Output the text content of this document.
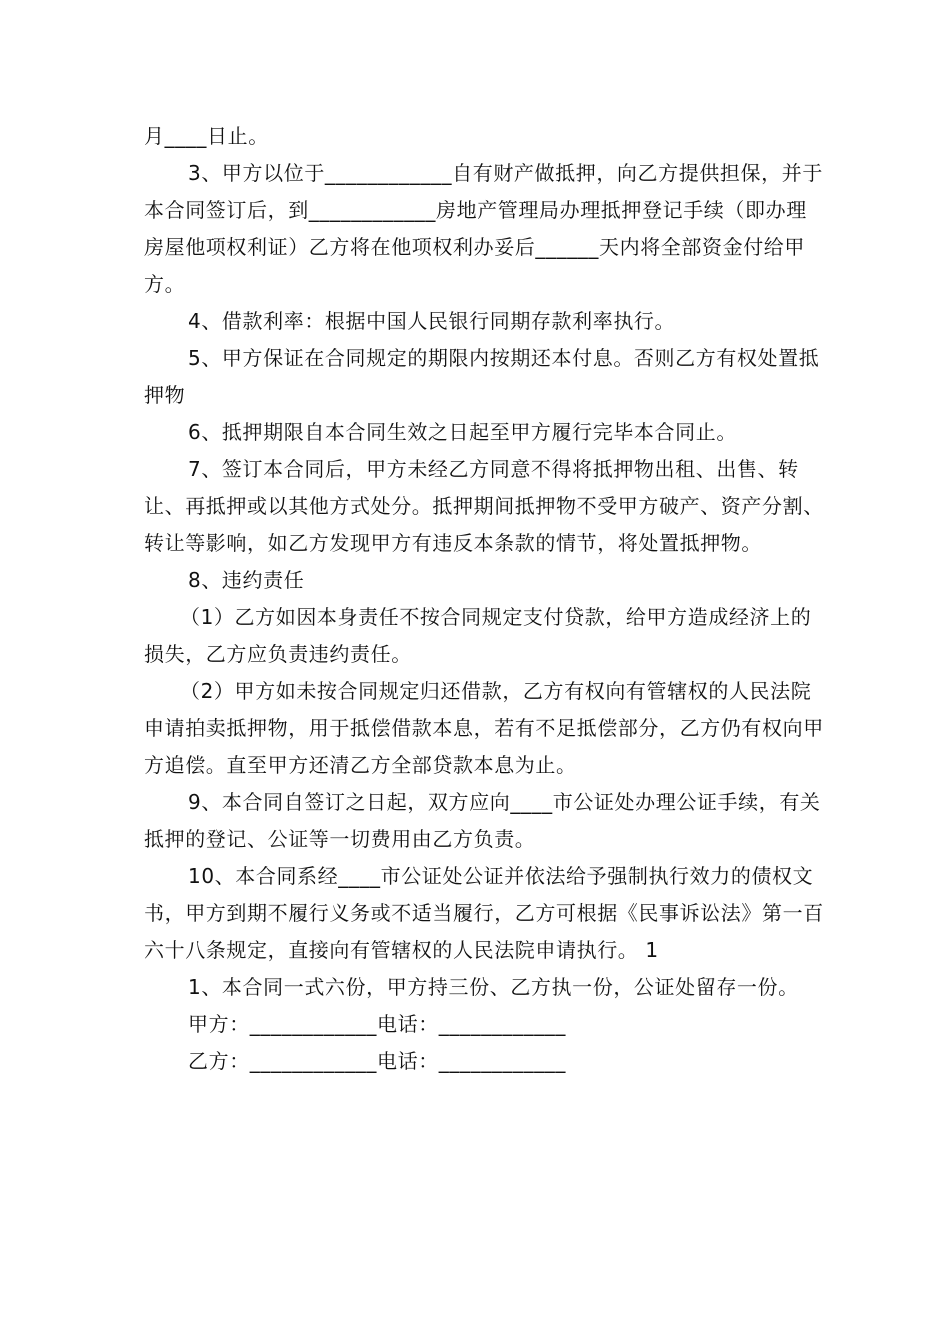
月____日止。

3、甲方以位于____________自有财产做抵押，向乙方提供担保，并于本合同签订后，到____________房地产管理局办理抵押登记手续（即办理房屋他项权利证）乙方将在他项权利办妥后______天内将全部资金付给甲方。

4、借款利率：根据中国人民银行同期存款利率执行。

5、甲方保证在合同规定的期限内按期还本付息。否则乙方有权处置抵押物

6、抵押期限自本合同生效之日起至甲方履行完毕本合同止。

7、签订本合同后，甲方未经乙方同意不得将抵押物出租、出售、转让、再抵押或以其他方式处分。抵押期间抵押物不受甲方破产、资产分割、转让等影响，如乙方发现甲方有违反本条款的情节，将处置抵押物。

8、违约责任

（1）乙方如因本身责任不按合同规定支付贷款，给甲方造成经济上的损失，乙方应负责违约责任。

（2）甲方如未按合同规定归还借款，乙方有权向有管辖权的人民法院申请拍卖抵押物，用于抵偿借款本息，若有不足抵偿部分，乙方仍有权向甲方追偿。直至甲方还清乙方全部贷款本息为止。

9、本合同自签订之日起，双方应向____市公证处办理公证手续，有关抵押的登记、公证等一切费用由乙方负责。

10、本合同系经____市公证处公证并依法给予强制执行效力的债权文书，甲方到期不履行义务或不适当履行，乙方可根据《民事诉讼法》第一百六十八条规定，直接向有管辖权的人民法院申请执行。 1

1、本合同一式六份，甲方持三份、乙方执一份，公证处留存一份。

甲方：____________电话：____________

乙方：____________电话：____________
